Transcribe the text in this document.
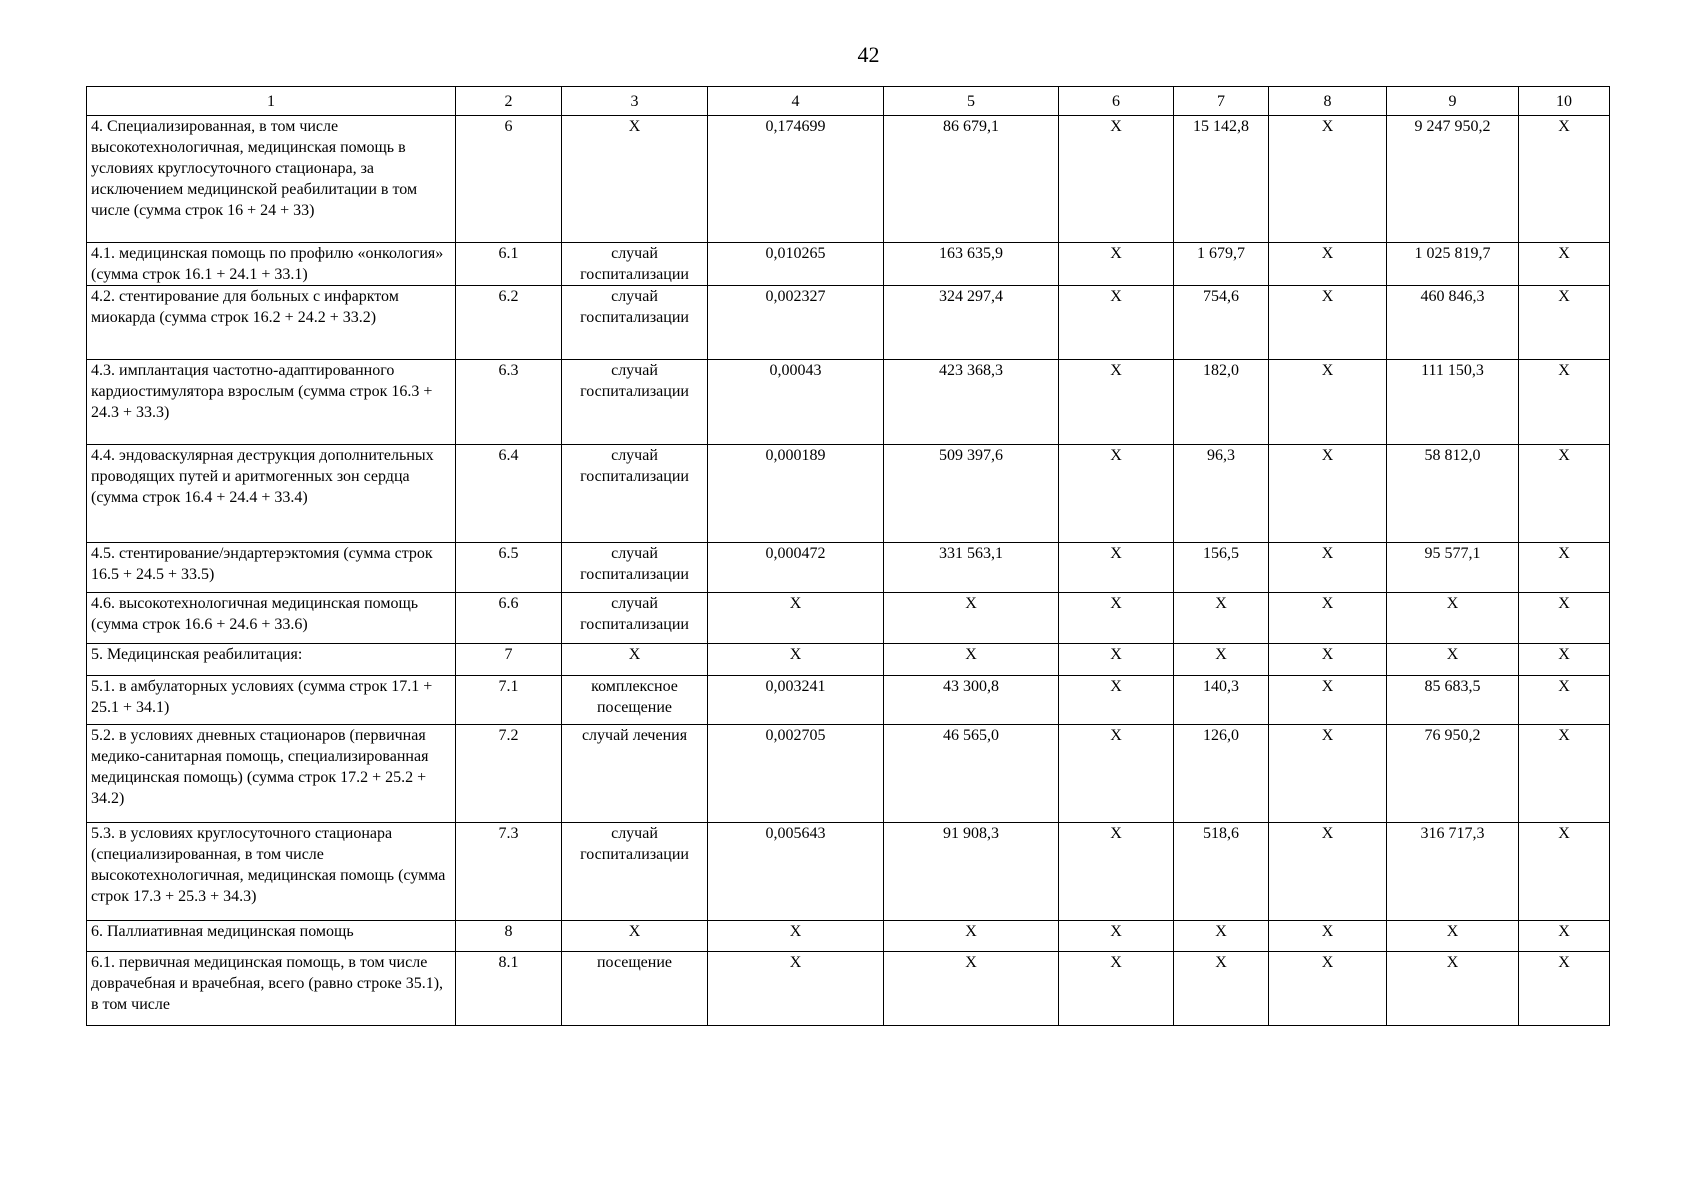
42
1	2	3	4	5	6	7	8	9	10
4. Специализированная, в том числе высокотехнологичная, медицинская помощь в условиях круглосуточного стационара, за исключением медицинской реабилитации в том числе (сумма строк 16 + 24 + 33)	6	Х	0,174699	86 679,1	Х	15 142,8	Х	9 247 950,2	Х
4.1. медицинская помощь по профилю «онкология» (сумма строк 16.1 + 24.1 + 33.1)	6.1	случай госпитализации	0,010265	163 635,9	Х	1 679,7	Х	1 025 819,7	Х
4.2. стентирование для больных с инфарктом миокарда (сумма строк 16.2 + 24.2 + 33.2)	6.2	случай госпитализации	0,002327	324 297,4	Х	754,6	Х	460 846,3	Х
4.3. имплантация частотно-адаптированного кардиостимулятора взрослым (сумма строк 16.3 + 24.3 + 33.3)	6.3	случай госпитализации	0,00043	423 368,3	Х	182,0	Х	111 150,3	Х
4.4. эндоваскулярная деструкция дополнительных проводящих путей и аритмогенных зон сердца (сумма строк 16.4 + 24.4 + 33.4)	6.4	случай госпитализации	0,000189	509 397,6	Х	96,3	Х	58 812,0	Х
4.5. стентирование/эндартерэктомия (сумма строк 16.5 + 24.5 + 33.5)	6.5	случай госпитализации	0,000472	331 563,1	Х	156,5	Х	95 577,1	Х
4.6. высокотехнологичная медицинская помощь (сумма строк 16.6 + 24.6 + 33.6)	6.6	случай госпитализации	Х	Х	Х	Х	Х	Х	Х
5. Медицинская реабилитация:	7	Х	Х	Х	Х	Х	Х	Х	Х
5.1. в амбулаторных условиях (сумма строк 17.1 + 25.1 + 34.1)	7.1	комплексное посещение	0,003241	43 300,8	Х	140,3	Х	85 683,5	Х
5.2. в условиях дневных стационаров (первичная медико-санитарная помощь, специализированная медицинская помощь) (сумма строк 17.2 + 25.2 + 34.2)	7.2	случай лечения	0,002705	46 565,0	Х	126,0	Х	76 950,2	Х
5.3. в условиях круглосуточного стационара (специализированная, в том числе высокотехнологичная, медицинская помощь (сумма строк 17.3 + 25.3 + 34.3)	7.3	случай госпитализации	0,005643	91 908,3	Х	518,6	Х	316 717,3	Х
6. Паллиативная медицинская помощь	8	Х	Х	Х	Х	Х	Х	Х	Х
6.1. первичная медицинская помощь, в том числе доврачебная и врачебная, всего (равно строке 35.1), в том числе	8.1	посещение	Х	Х	Х	Х	Х	Х	Х
